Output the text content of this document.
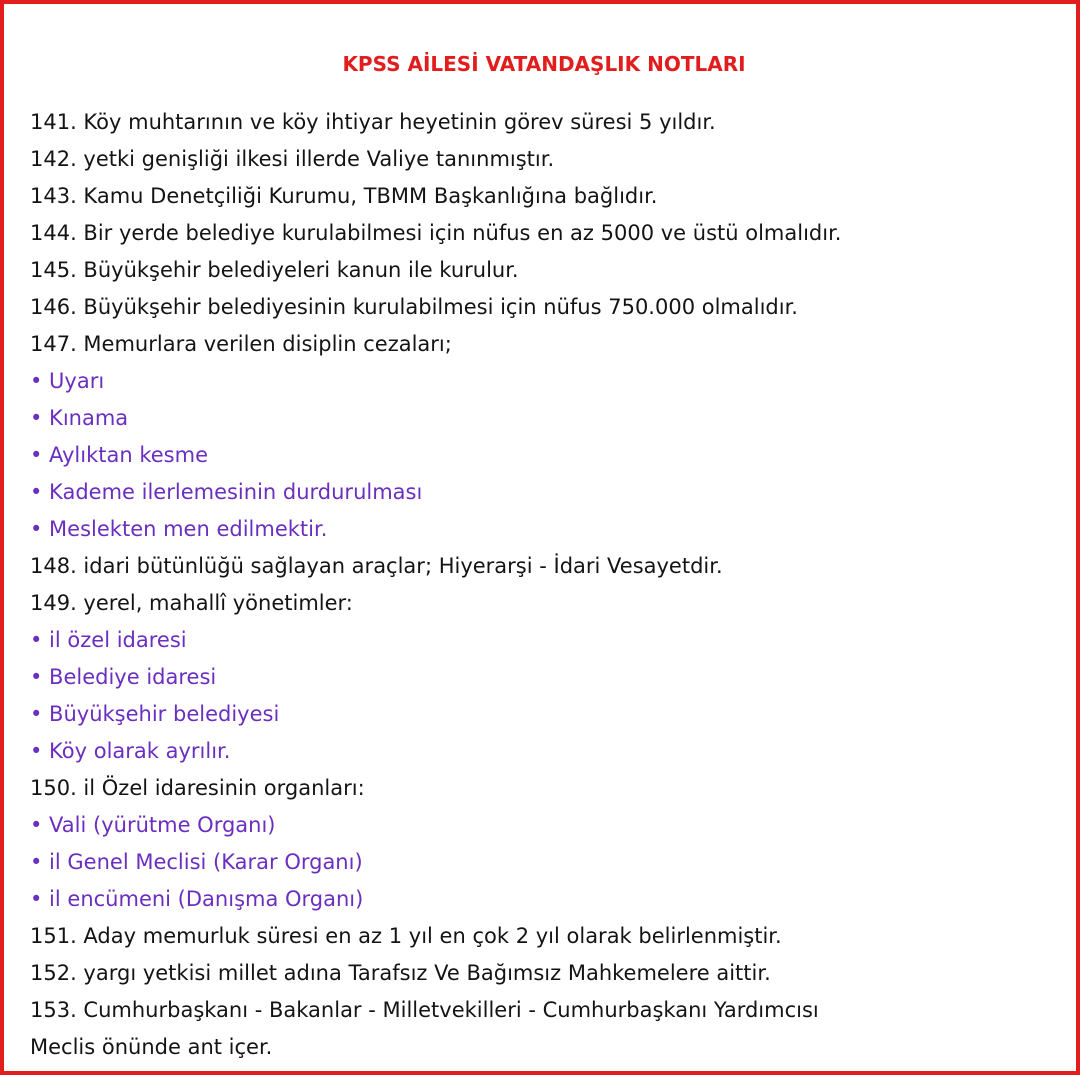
KPSS AİLESİ VATANDAŞLIK NOTLARI
141. Köy muhtarının ve köy ihtiyar heyetinin görev süresi 5 yıldır.
142. yetki genişliği ilkesi illerde Valiye tanınmıştır.
143. Kamu Denetçiliği Kurumu, TBMM Başkanlığına bağlıdır.
144. Bir yerde belediye kurulabilmesi için nüfus en az 5000 ve üstü olmalıdır.
145. Büyükşehir belediyeleri kanun ile kurulur.
146. Büyükşehir belediyesinin kurulabilmesi için nüfus 750.000 olmalıdır.
147. Memurlara verilen disiplin cezaları;
• Uyarı
• Kınama
• Aylıktan kesme
• Kademe ilerlemesinin durdurulması
• Meslekten men edilmektir.
148. idari bütünlüğü sağlayan araçlar; Hiyerarşi - İdari Vesayetdir.
149. yerel, mahallî yönetimler:
• il özel idaresi
• Belediye idaresi
• Büyükşehir belediyesi
• Köy olarak ayrılır.
150. il Özel idaresinin organları:
• Vali (yürütme Organı)
• il Genel Meclisi (Karar Organı)
• il encümeni (Danışma Organı)
151. Aday memurluk süresi en az 1 yıl en çok 2 yıl olarak belirlenmiştir.
152. yargı yetkisi millet adına Tarafsız Ve Bağımsız Mahkemelere aittir.
153. Cumhurbaşkanı - Bakanlar - Milletvekilleri - Cumhurbaşkanı Yardımcısı
Meclis önünde ant içer.
